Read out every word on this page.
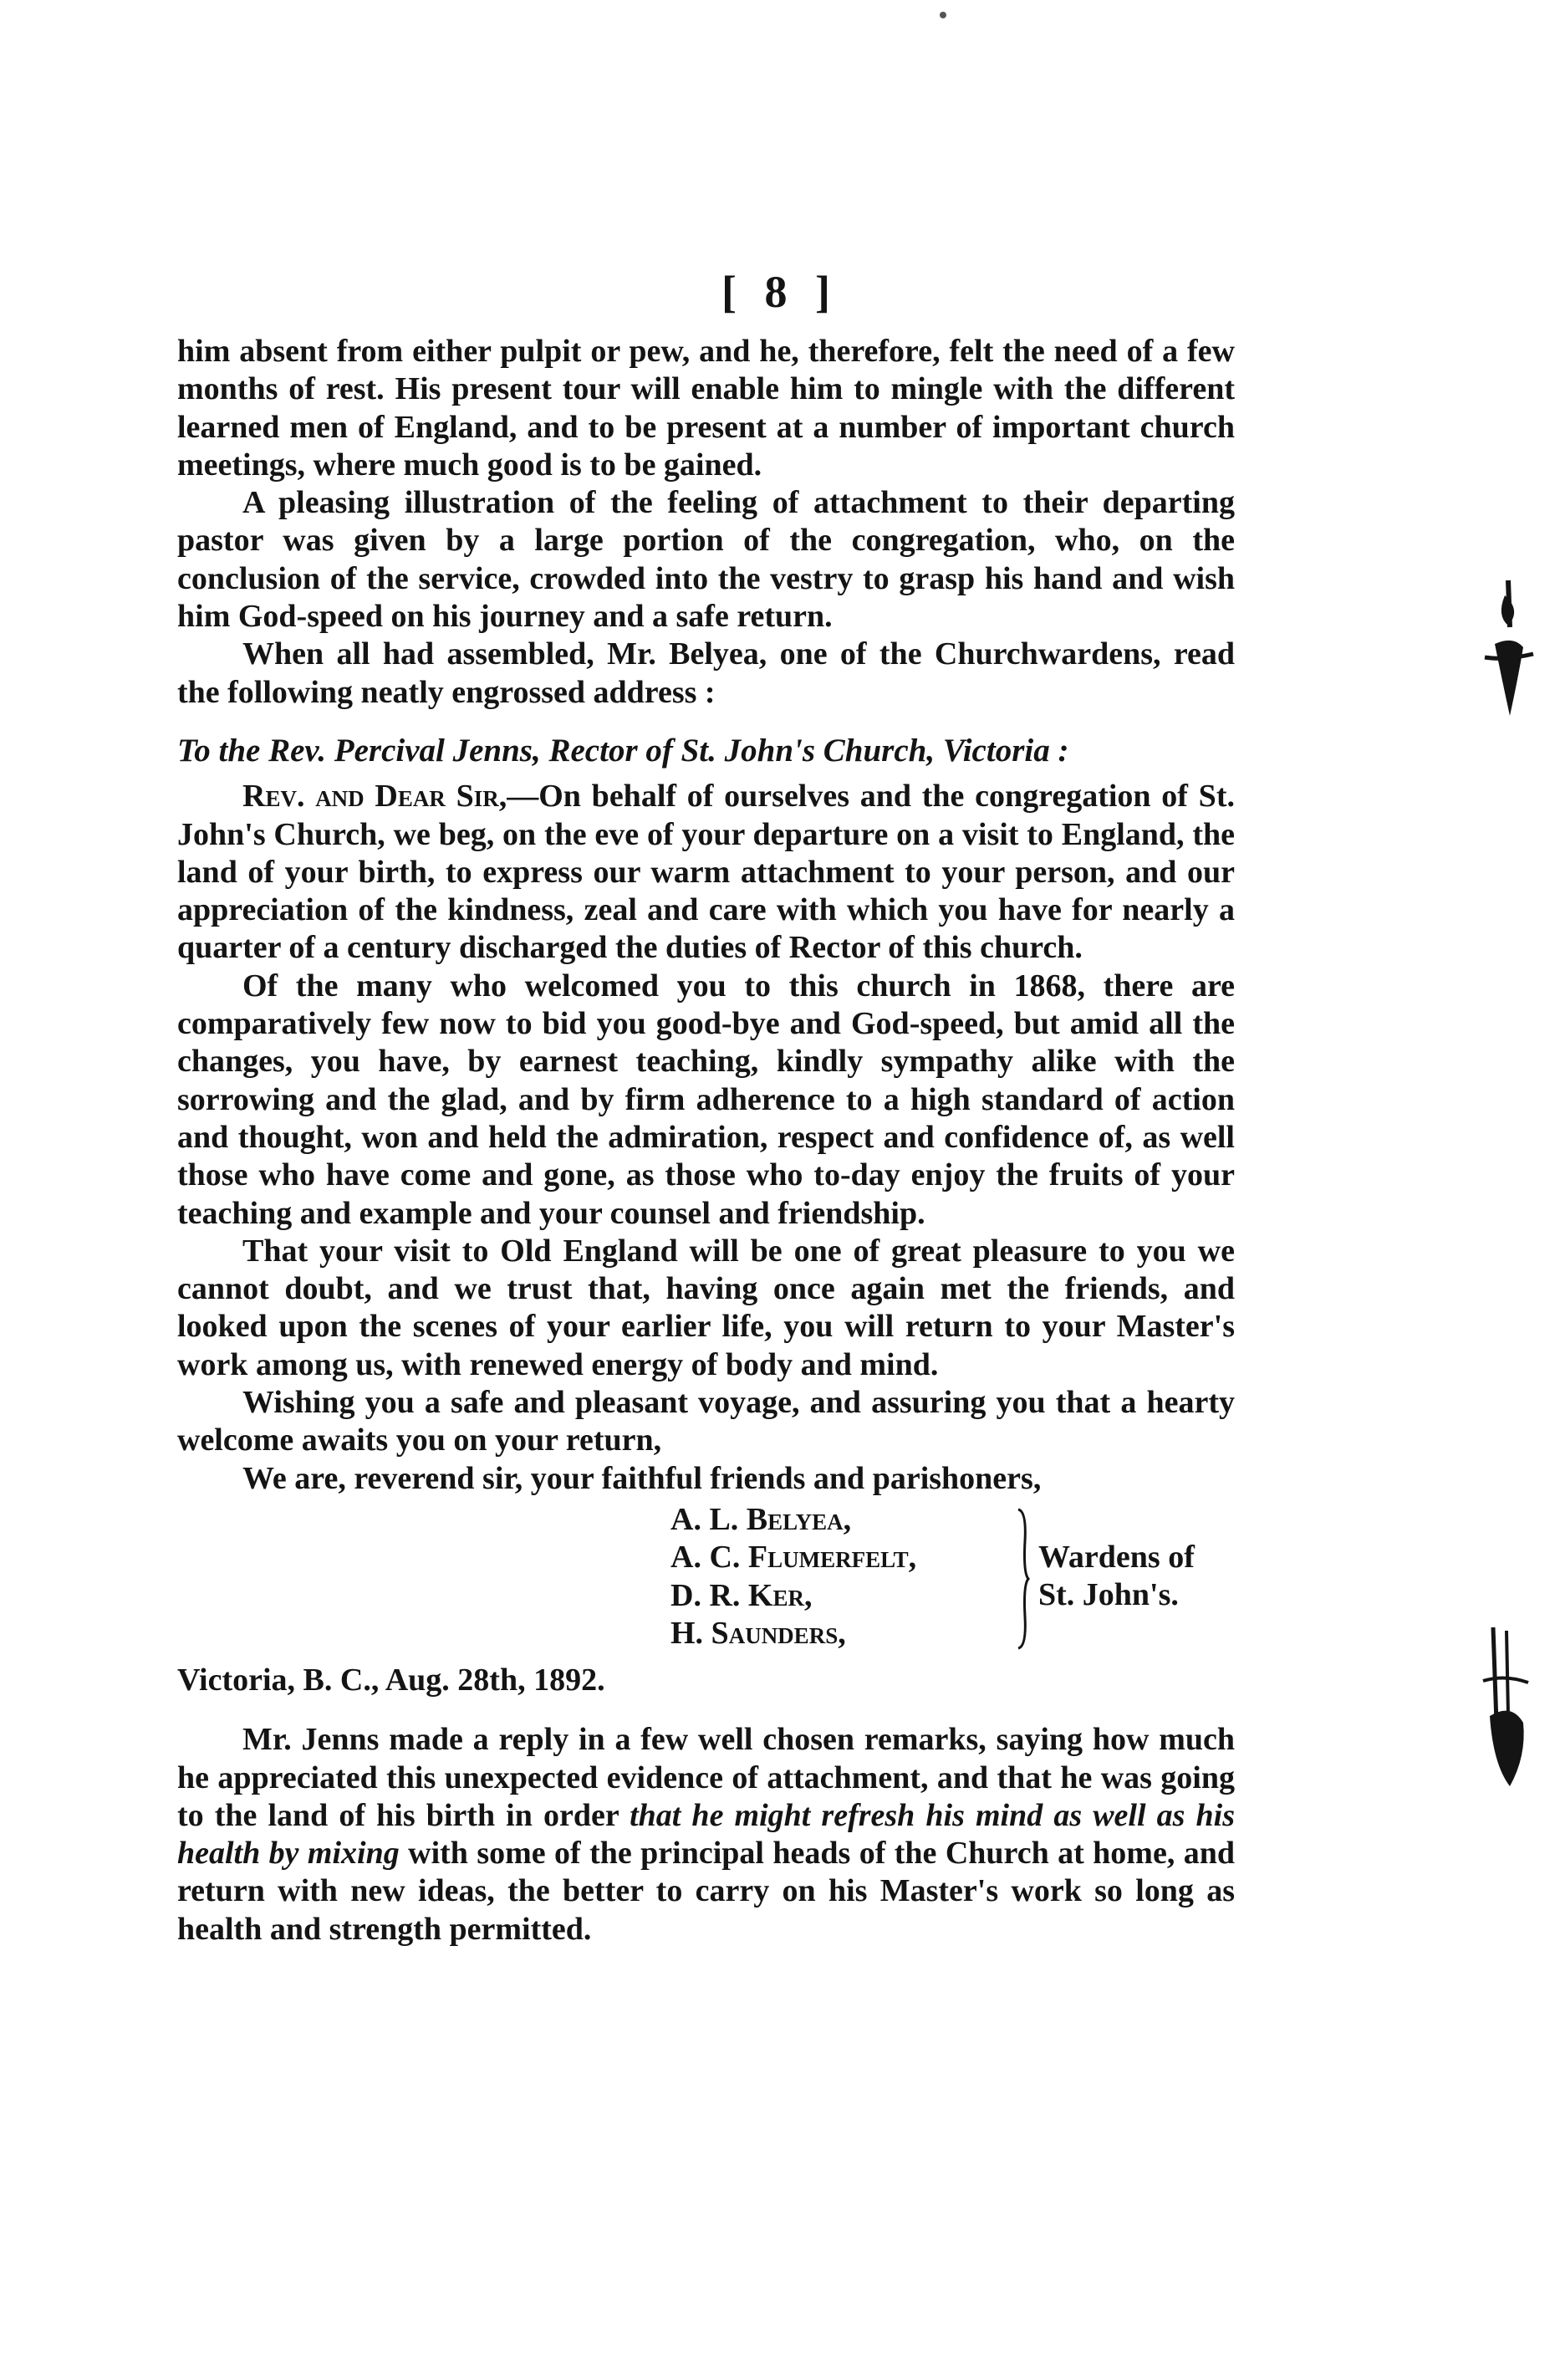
[ 8 ]

him absent from either pulpit or pew, and he, therefore, felt the need of a few months of rest. His present tour will enable him to mingle with the different learned men of England, and to be present at a number of important church meetings, where much good is to be gained.

A pleasing illustration of the feeling of attachment to their departing pastor was given by a large portion of the congregation, who, on the conclusion of the service, crowded into the vestry to grasp his hand and wish him God-speed on his journey and a safe return.

When all had assembled, Mr. Belyea, one of the Churchwardens, read the following neatly engrossed address :

To the Rev. Percival Jenns, Rector of St. John's Church, Victoria :

Rev. and Dear Sir,—On behalf of ourselves and the congregation of St. John's Church, we beg, on the eve of your departure on a visit to England, the land of your birth, to express our warm attachment to your person, and our appreciation of the kindness, zeal and care with which you have for nearly a quarter of a century discharged the duties of Rector of this church.

Of the many who welcomed you to this church in 1868, there are comparatively few now to bid you good-bye and God-speed, but amid all the changes, you have, by earnest teaching, kindly sympathy alike with the sorrowing and the glad, and by firm adherence to a high standard of action and thought, won and held the admiration, respect and confidence of, as well those who have come and gone, as those who to-day enjoy the fruits of your teaching and example and your counsel and friendship.

That your visit to Old England will be one of great pleasure to you we cannot doubt, and we trust that, having once again met the friends, and looked upon the scenes of your earlier life, you will return to your Master's work among us, with renewed energy of body and mind.

Wishing you a safe and pleasant voyage, and assuring you that a hearty welcome awaits you on your return,

We are, reverend sir, your faithful friends and parishoners,

A. L. Belyea,
A. C. Flumerfelt,
D. R. Ker,
H. Saunders,
Wardens of
St. John's.

Victoria, B. C., Aug. 28th, 1892.

Mr. Jenns made a reply in a few well chosen remarks, saying how much he appreciated this unexpected evidence of attachment, and that he was going to the land of his birth in order that he might refresh his mind as well as his health by mixing with some of the principal heads of the Church at home, and return with new ideas, the better to carry on his Master's work so long as health and strength permitted.
